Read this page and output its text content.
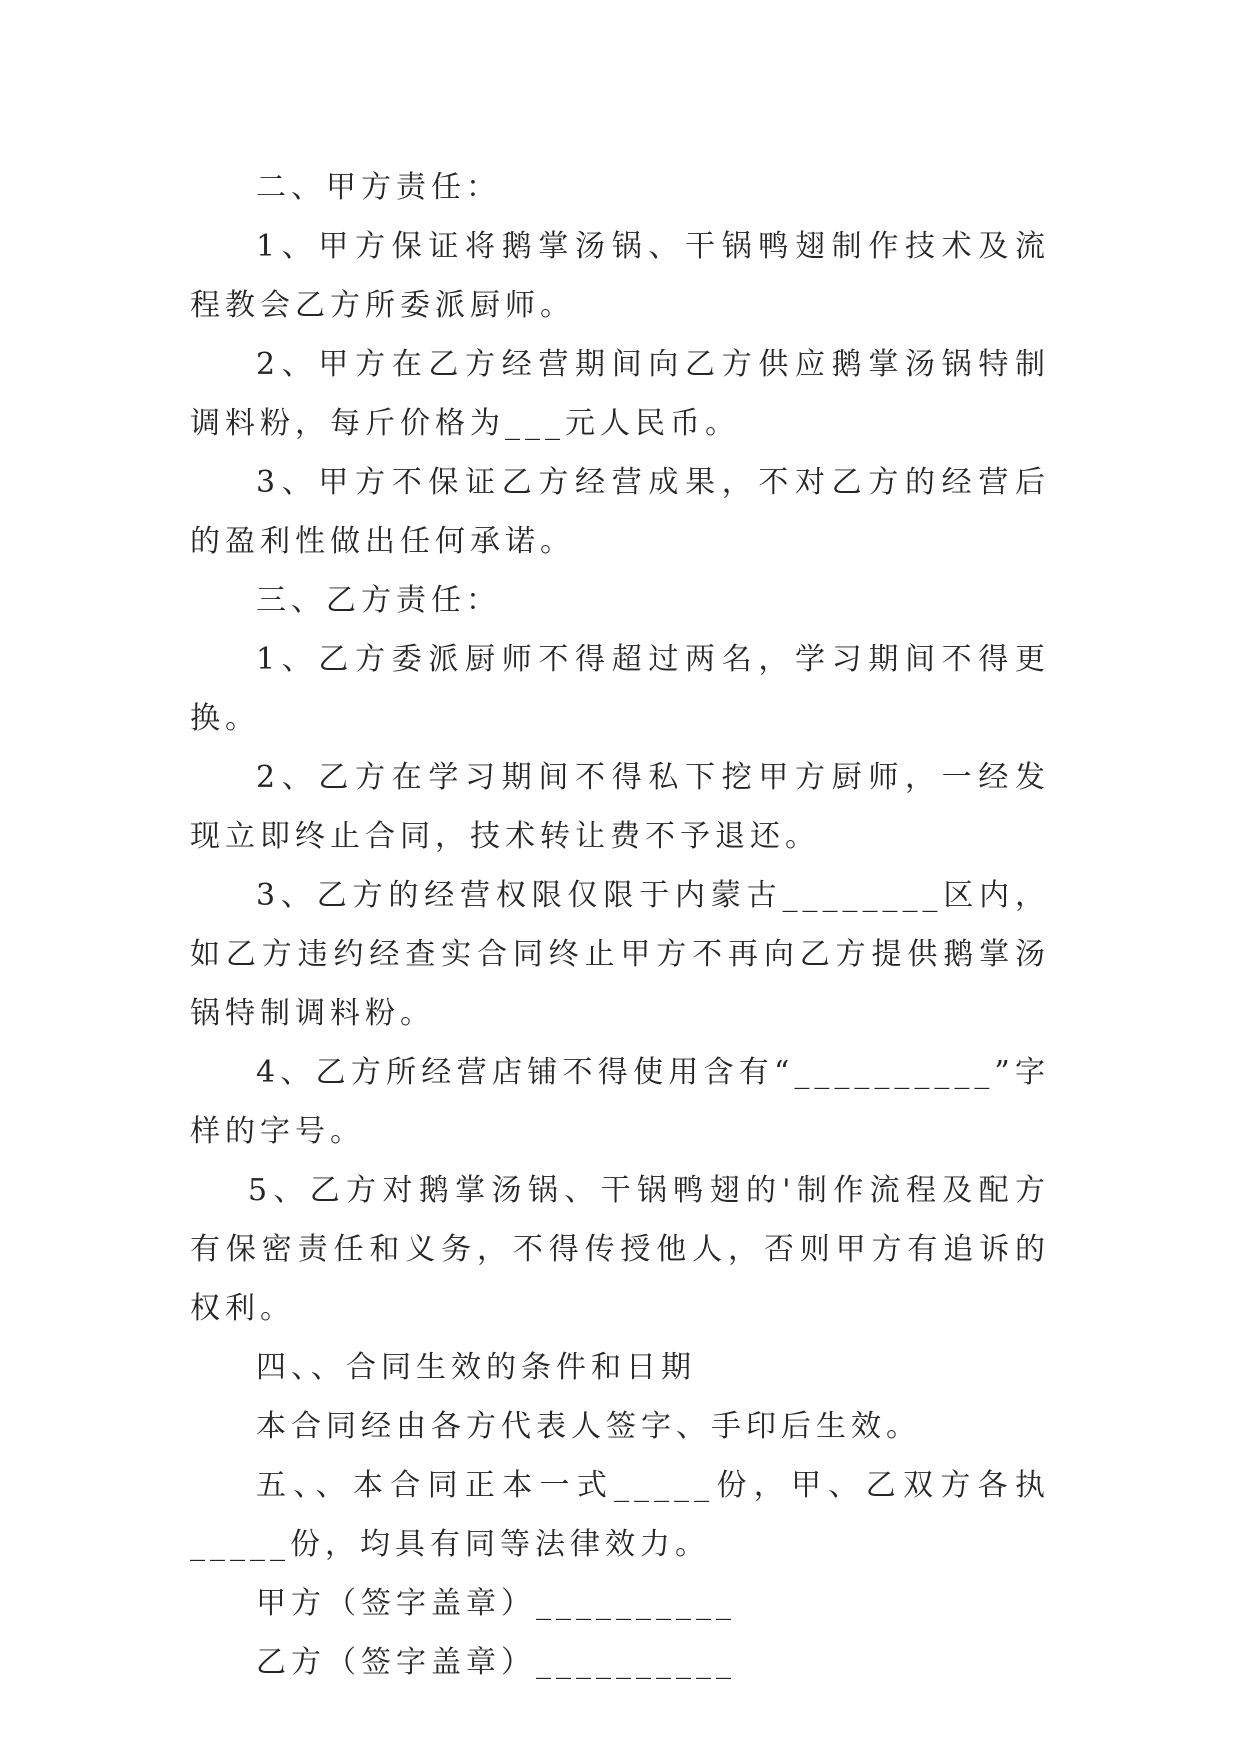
二、甲方责任：

1、甲方保证将鹅掌汤锅、干锅鸭翅制作技术及流程教会乙方所委派厨师。

2、甲方在乙方经营期间向乙方供应鹅掌汤锅特制调料粉，每斤价格为___元人民币。

3、甲方不保证乙方经营成果，不对乙方的经营后的盈利性做出任何承诺。

三、乙方责任：

1、乙方委派厨师不得超过两名，学习期间不得更换。

2、乙方在学习期间不得私下挖甲方厨师，一经发现立即终止合同，技术转让费不予退还。

3、乙方的经营权限仅限于内蒙古________区内，如乙方违约经查实合同终止甲方不再向乙方提供鹅掌汤锅特制调料粉。

4、乙方所经营店铺不得使用含有“__________”字样的字号。

5、乙方对鹅掌汤锅、干锅鸭翅的'制作流程及配方有保密责任和义务，不得传授他人，否则甲方有追诉的权利。

四、、合同生效的条件和日期

本合同经由各方代表人签字、手印后生效。

五、、本合同正本一式_____份，甲、乙双方各执_____份，均具有同等法律效力。

甲方（签字盖章）__________

乙方（签字盖章）__________
